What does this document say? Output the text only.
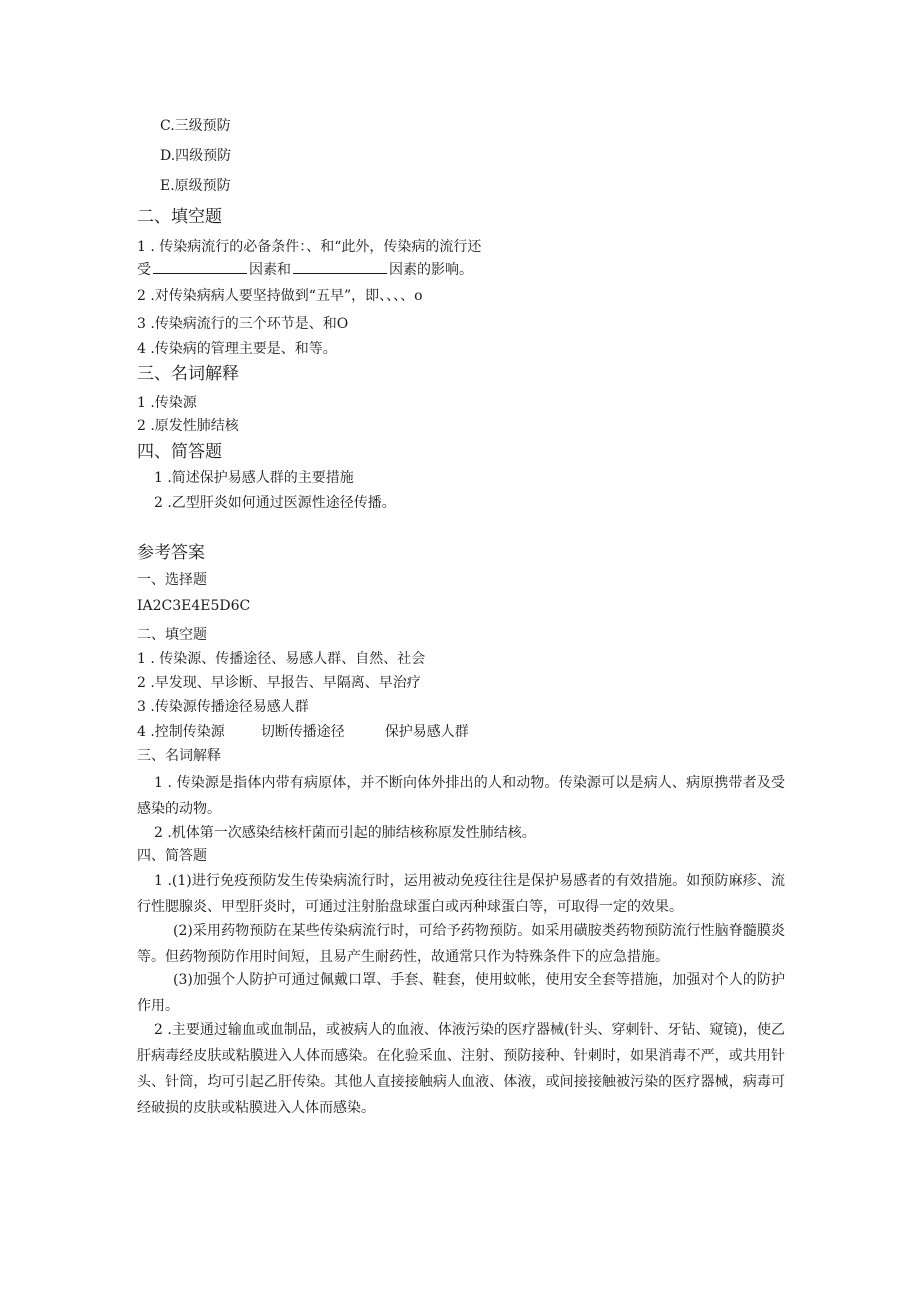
C.三级预防
D.四级预防
E.原级预防
二、填空题
1 . 传染病流行的必备条件：、和“此外，传染病的流行还
受	因素和	因素的影响。
2 .对传染病病人要坚持做到“五早”，即、、、、o
3 .传染病流行的三个环节是、和O
4 .传染病的管理主要是、和等。
三、名词解释
1 .传染源
2 .原发性肺结核
四、简答题
1 .简述保护易感人群的主要措施
2 .乙型肝炎如何通过医源性途径传播。
参考答案
一、选择题
IA2C3E4E5D6C
二、填空题
1 . 传染源、传播途径、易感人群、自然、社会
2 .早发现、早诊断、早报告、早隔离、早治疗
3 .传染源传播途径易感人群
4 .控制传染源	切断传播途径	保护易感人群
三、名词解释
1 . 传染源是指体内带有病原体，并不断向体外排出的人和动物。传染源可以是病人、病原携带者及受感染的动物。
2 .机体第一次感染结核杆菌而引起的肺结核称原发性肺结核。
四、简答题
1 .(1)进行免疫预防发生传染病流行时，运用被动免疫往往是保护易感者的有效措施。如预防麻疹、流行性腮腺炎、甲型肝炎时，可通过注射胎盘球蛋白或丙种球蛋白等，可取得一定的效果。
(2)采用药物预防在某些传染病流行时，可给予药物预防。如采用磺胺类药物预防流行性脑脊髓膜炎等。但药物预防作用时间短，且易产生耐药性，故通常只作为特殊条件下的应急措施。
(3)加强个人防护可通过佩戴口罩、手套、鞋套，使用蚊帐，使用安全套等措施，加强对个人的防护作用。
2 .主要通过输血或血制品，或被病人的血液、体液污染的医疗器械(针头、穿刺针、牙钻、窥镜)，使乙肝病毒经皮肤或粘膜进入人体而感染。在化验采血、注射、预防接种、针刺时，如果消毒不严，或共用针头、针筒，均可引起乙肝传染。其他人直接接触病人血液、体液，或间接接触被污染的医疗器械，病毒可经破损的皮肤或粘膜进入人体而感染。
